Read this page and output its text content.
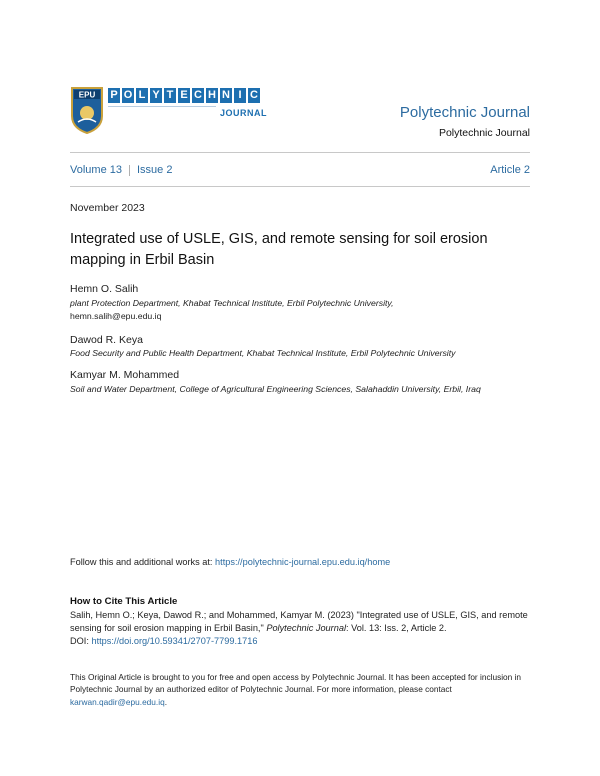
EPU P O L Y T E C H N I C
JOURNAL	Polytechnic Journal
Polytechnic Journal
Volume 13 Issue 2	Article 2
November 2023
Integrated use of USLE, GIS, and remote sensing for soil erosion mapping in Erbil Basin
Hemn O. Salih
plant Protection Department, Khabat Technical Institute, Erbil Polytechnic University,
hemn.salih@epu.edu.iq
Dawod R. Keya
Food Security and Public Health Department, Khabat Technical Institute, Erbil Polytechnic University
Kamyar M. Mohammed
Soil and Water Department, College of Agricultural Engineering Sciences, Salahaddin University, Erbil, Iraq
Follow this and additional works at: https://polytechnic-journal.epu.edu.iq/home
How to Cite This Article
Salih, Hemn O.; Keya, Dawod R.; and Mohammed, Kamyar M. (2023) "Integrated use of USLE, GIS, and remote sensing for soil erosion mapping in Erbil Basin," Polytechnic Journal: Vol. 13: Iss. 2, Article 2.
DOI: https://doi.org/10.59341/2707-7799.1716
This Original Article is brought to you for free and open access by Polytechnic Journal. It has been accepted for inclusion in Polytechnic Journal by an authorized editor of Polytechnic Journal. For more information, please contact karwan.qadir@epu.edu.iq.
